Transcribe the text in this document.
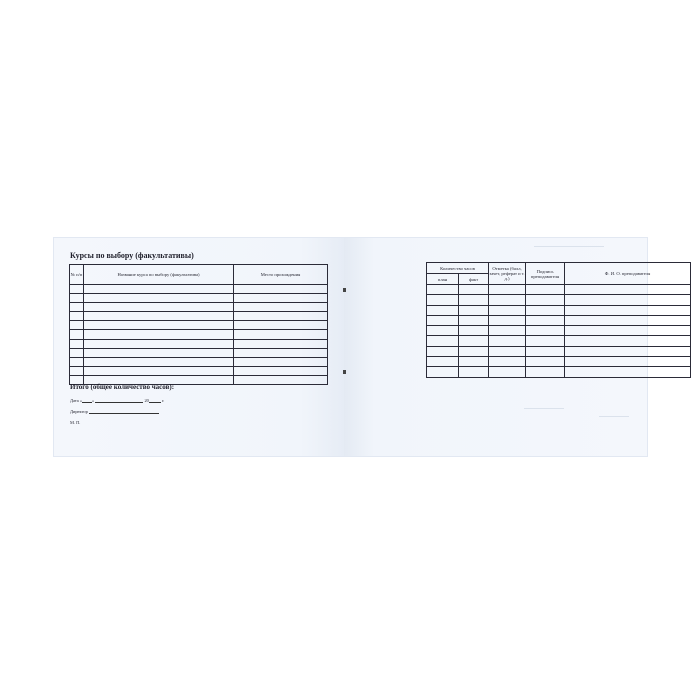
Курсы по выбору (факультативы)
№ п/п	Название курса по выбору (факультатива)	Место прохождения

Итого (общее количество часов):
Дата « »	20	г.
Директор
М. П.
Количество часов		Отметка (балл, зачет, реферат и т. д.)	Подпись преподавателя	Ф. И. О. преподавателя
план	факт			
